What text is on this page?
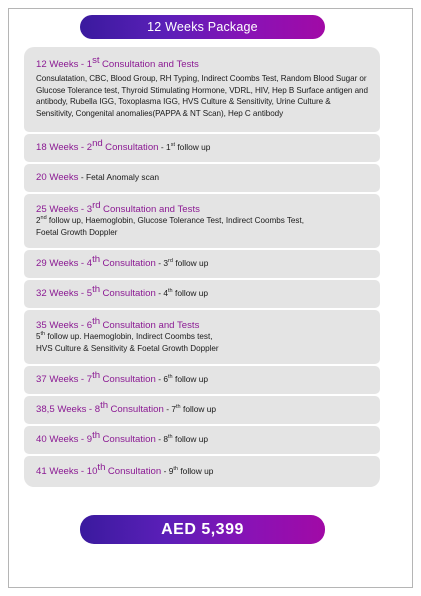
12 Weeks Package
12 Weeks - 1st Consultation and Tests
Consulatation, CBC, Blood Group, RH Typing, Indirect Coombs Test, Random Blood Sugar or Glucose Tolerance test, Thyroid Stimulating Hormone, VDRL, HIV, Hep B Surface antigen and antibody, Rubella IGG, Toxoplasma IGG, HVS Culture & Sensitivity, Urine Culture & Sensitivity, Congenital anomalies(PAPPA & NT Scan), Hep C antibody
18 Weeks - 2nd Consultation - 1st follow up
20 Weeks - Fetal Anomaly scan
25 Weeks - 3rd Consultation and Tests
2nd follow up, Haemoglobin, Glucose Tolerance Test, Indirect Coombs Test,
Foetal Growth Doppler
29 Weeks - 4th Consultation - 3rd follow up
32 Weeks - 5th Consultation - 4th follow up
35 Weeks - 6th Consultation and Tests
5th follow up. Haemoglobin, Indirect Coombs test,
HVS Culture & Sensitivity & Foetal Growth Doppler
37 Weeks - 7th Consultation - 6th follow up
38,5 Weeks - 8th Consultation - 7th follow up
40 Weeks - 9th Consultation - 8th follow up
41 Weeks - 10th Consultation - 9th follow up
AED 5,399
